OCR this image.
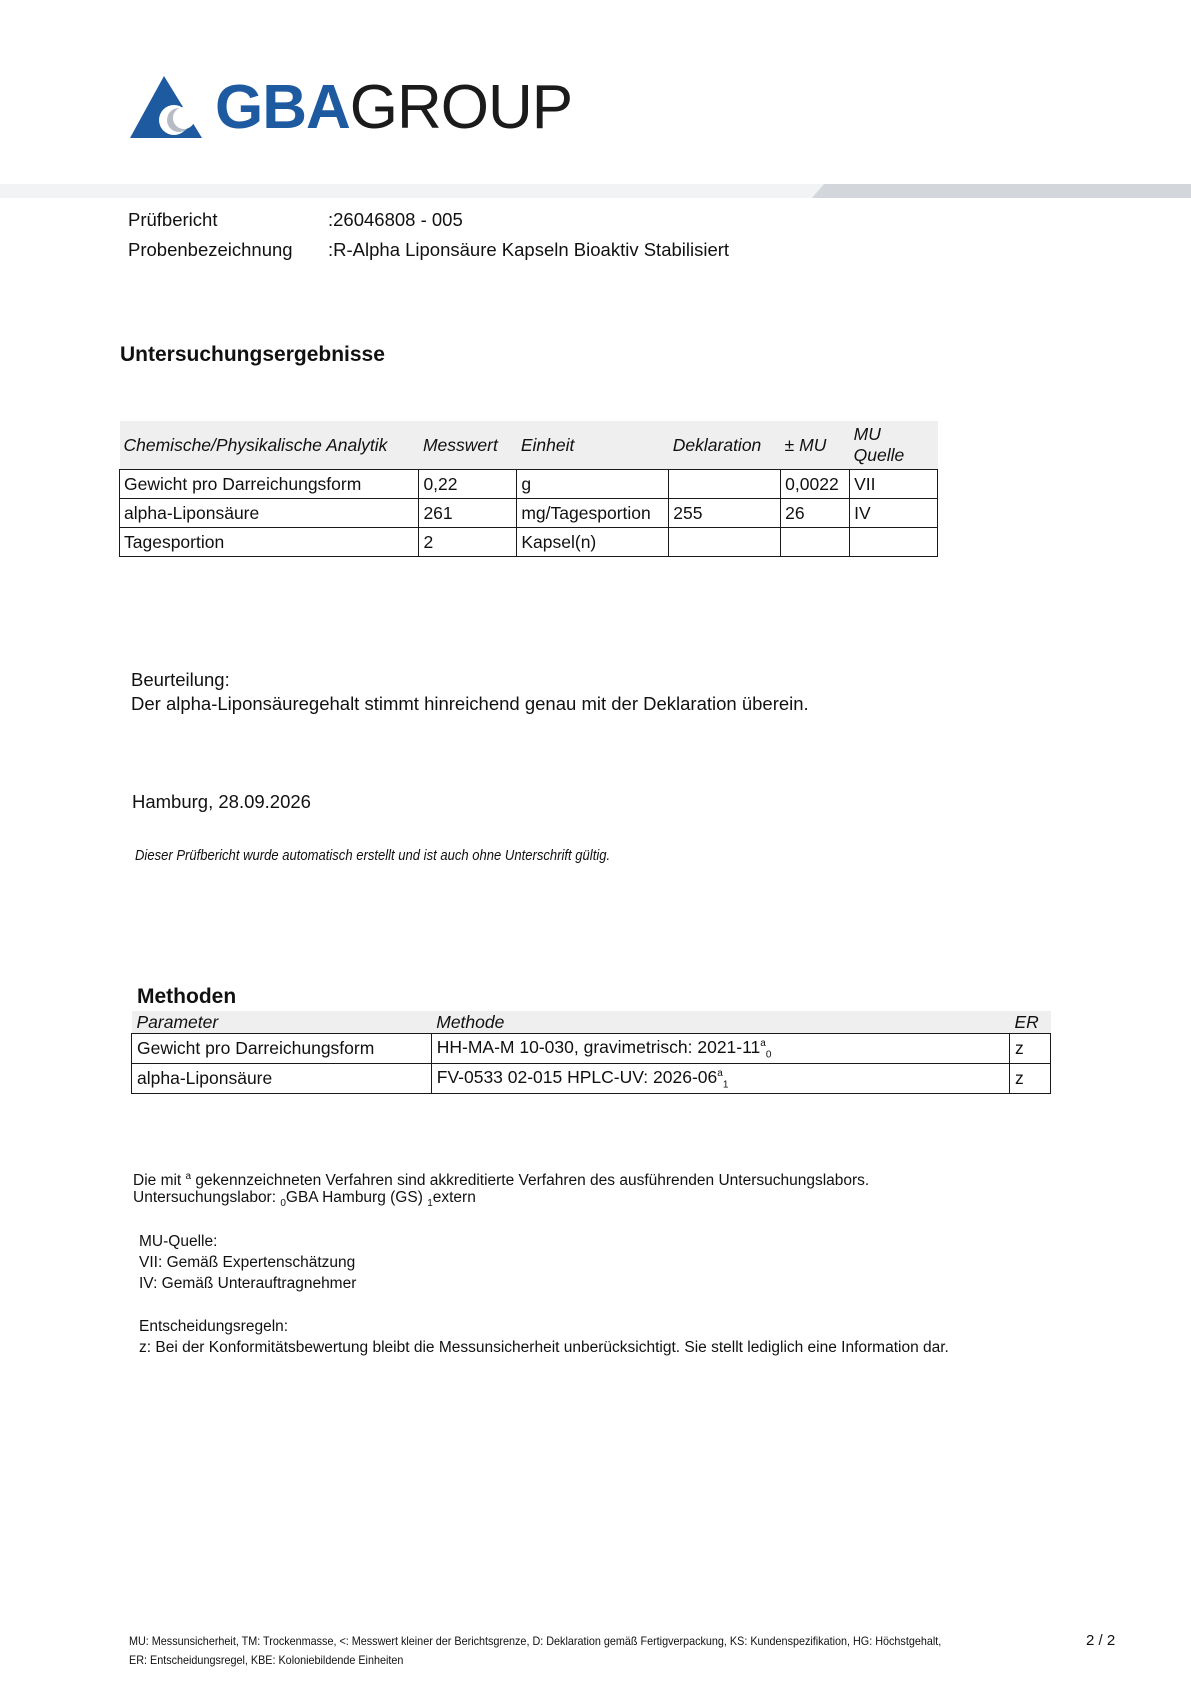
GBAGROUP
Prüfbericht	:26046808 - 005
Probenbezeichnung :R-Alpha Liponsäure Kapseln Bioaktiv Stabilisiert
Untersuchungsergebnisse
Chemische/Physikalische Analytik	Messwert	Einheit	Deklaration	± MU	MU Quelle
Gewicht pro Darreichungsform	0,22	g		0,0022	VII
alpha-Liponsäure	261	mg/Tagesportion	255	26	IV
Tagesportion	2	Kapsel(n)			
Beurteilung:
Der alpha-Liponsäuregehalt stimmt hinreichend genau mit der Deklaration überein.
Hamburg, 28.09.2026
Dieser Prüfbericht wurde automatisch erstellt und ist auch ohne Unterschrift gültig.
Methoden
Parameter	Methode	ER
Gewicht pro Darreichungsform	HH-MA-M 10-030, gravimetrisch: $2021-11^a_0$	z
alpha-Liponsäure	FV-0533 02-015 HPLC-UV: $2026-06^a_1$	z
Die mit $^a$ gekennzeichneten Verfahren sind akkreditierte Verfahren des ausführenden Untersuchungslabors.
Untersuchungslabor: $_0$GBA Hamburg (GS) $_1$extern
MU-Quelle:
VII: Gemäß Expertenschätzung
IV: Gemäß Unterauftragnehmer
Entscheidungsregeln:
z: Bei der Konformitätsbewertung bleibt die Messunsicherheit unberücksichtigt. Sie stellt lediglich eine Information dar.
MU: Messunsicherheit, TM: Trockenmasse, <: Messwert kleiner der Berichtsgrenze, D: Deklaration gemäß Fertigverpackung, KS: Kundenspezifikation, HG: Höchstgehalt,
ER: Entscheidungsregel, KBE: Koloniebildende Einheiten
2 / 2
